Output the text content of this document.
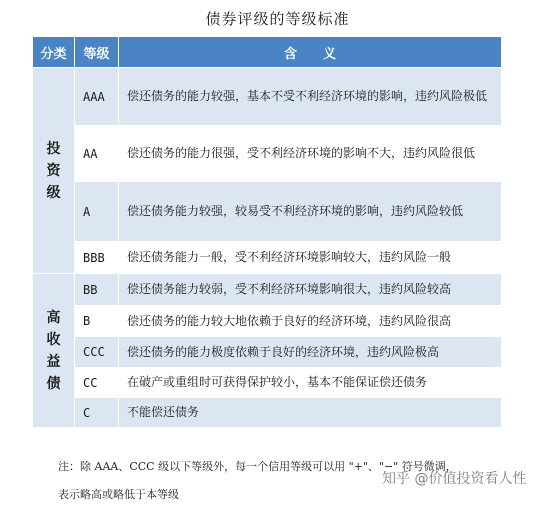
债券评级的等级标准
分类	等级	含　　义

投资级	AAA	偿还债务的能力较强，基本不受不利经济环境的影响，违约风险极低
	AA	偿还债务的能力很强，受不利经济环境的影响不大，违约风险很低
	A	偿还债务能力较强，较易受不利经济环境的影响，违约风险较低
	BBB	偿还债务能力一般，受不利经济环境影响较大，违约风险一般

高收益债	BB	偿还债务能力较弱，受不利经济环境影响很大，违约风险较高
	B	偿还债务的能力较大地依赖于良好的经济环境，违约风险很高
	CCC	偿还债务的能力极度依赖于良好的经济环境，违约风险极高
	CC	在破产或重组时可获得保护较小，基本不能保证偿还债务
	C	不能偿还债务
注：除 AAA、CCC 级以下等级外，每一个信用等级可以用 "+"、"−" 符号微调，
表示略高或略低于本等级
知乎 @价值投资看人性
